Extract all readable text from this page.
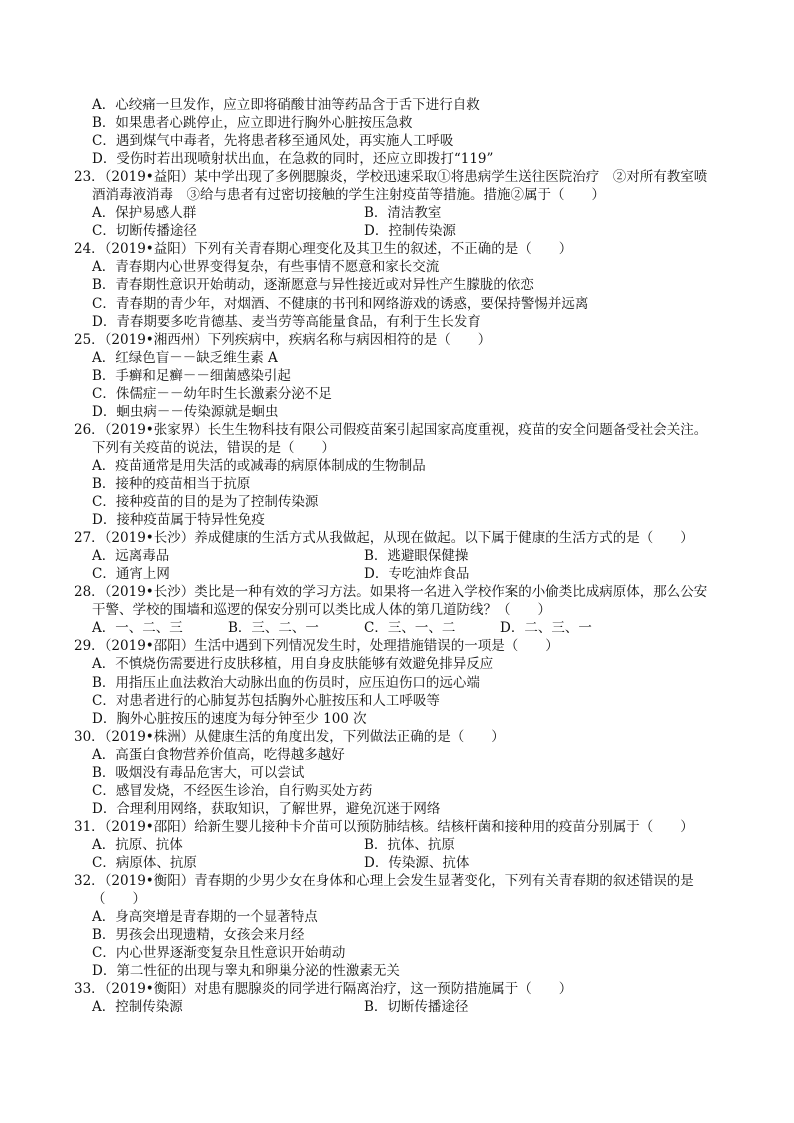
A．心绞痛一旦发作，应立即将硝酸甘油等药品含于舌下进行自救
B．如果患者心跳停止，应立即进行胸外心脏按压急救
C．遇到煤气中毒者，先将患者移至通风处，再实施人工呼吸
D．受伤时若出现喷射状出血，在急救的同时，还应立即拨打“119”
23．（2019•益阳）某中学出现了多例腮腺炎，学校迅速采取①将患病学生送往医院治疗　②对所有教室喷
酒消毒液消毒　③给与患者有过密切接触的学生注射疫苗等措施。措施②属于（　　）
A．保护易感人群	B．清洁教室
C．切断传播途径	D．控制传染源
24．（2019•益阳）下列有关青春期心理变化及其卫生的叙述，不正确的是（　　）
A．青春期内心世界变得复杂，有些事情不愿意和家长交流
B．青春期性意识开始萌动，逐渐愿意与异性接近或对异性产生朦胧的依恋
C．青春期的青少年，对烟酒、不健康的书刊和网络游戏的诱惑，要保持警惕并远离
D．青春期要多吃肯德基、麦当劳等高能量食品，有利于生长发育
25．（2019•湘西州）下列疾病中，疾病名称与病因相符的是（　　）
A．红绿色盲－－缺乏维生素 A
B．手癣和足癣－－细菌感染引起
C．侏儒症－－幼年时生长激素分泌不足
D．蛔虫病－－传染源就是蛔虫
26．（2019•张家界）长生生物科技有限公司假疫苗案引起国家高度重视，疫苗的安全问题备受社会关注。
下列有关疫苗的说法，错误的是（　　）
A．疫苗通常是用失活的或减毒的病原体制成的生物制品
B．接种的疫苗相当于抗原
C．接种疫苗的目的是为了控制传染源
D．接种疫苗属于特异性免疫
27．（2019•长沙）养成健康的生活方式从我做起，从现在做起。以下属于健康的生活方式的是（　　）
A．远离毒品	B．逃避眼保健操
C．通宵上网	D．专吃油炸食品
28．（2019•长沙）类比是一种有效的学习方法。如果将一名进入学校作案的小偷类比成病原体，那么公安
干警、学校的围墙和巡逻的保安分别可以类比成人体的第几道防线？（　　）
A．一、二、三	B．三、二、一	C．三、一、二	D．二、三、一
29．（2019•邵阳）生活中遇到下列情况发生时，处理措施错误的一项是（　　）
A．不慎烧伤需要进行皮肤移植，用自身皮肤能够有效避免排异反应
B．用指压止血法救治大动脉出血的伤员时，应压迫伤口的远心端
C．对患者进行的心肺复苏包括胸外心脏按压和人工呼吸等
D．胸外心脏按压的速度为每分钟至少 100 次
30．（2019•株洲）从健康生活的角度出发，下列做法正确的是（　　）
A．高蛋白食物营养价值高，吃得越多越好
B．吸烟没有毒品危害大，可以尝试
C．感冒发烧，不经医生诊治，自行购买处方药
D．合理利用网络，获取知识，了解世界，避免沉迷于网络
31．（2019•邵阳）给新生婴儿接种卡介苗可以预防肺结核。结核杆菌和接种用的疫苗分别属于（　　）
A．抗原、抗体	B．抗体、抗原
C．病原体、抗原	D．传染源、抗体
32．（2019•衡阳）青春期的少男少女在身体和心理上会发生显著变化，下列有关青春期的叙述错误的是
（　　）
A．身高突增是青春期的一个显著特点
B．男孩会出现遗精，女孩会来月经
C．内心世界逐渐变复杂且性意识开始萌动
D．第二性征的出现与睾丸和卵巢分泌的性激素无关
33．（2019•衡阳）对患有腮腺炎的同学进行隔离治疗，这一预防措施属于（　　）
A．控制传染源	B．切断传播途径
